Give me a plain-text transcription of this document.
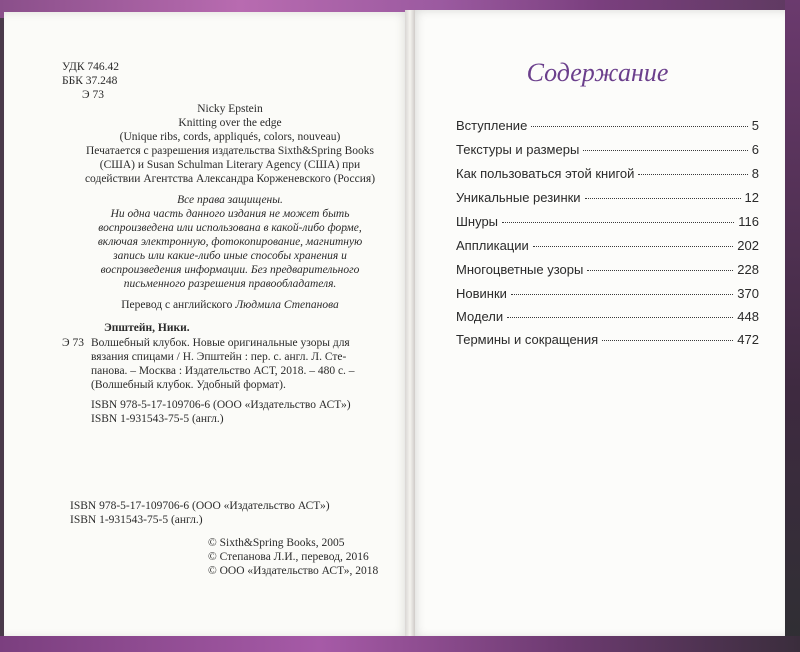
УДК 746.42
ББК 37.248
Э 73
Nicky Epstein
Knitting over the edge
(Unique ribs, cords, appliqués, colors, nouveau)
Печатается с разрешения издательства Sixth&Spring Books
(США) и Susan Schulman Literary Agency (США) при
содействии Агентства Александра Корженевского (Россия)
Все права защищены.
Ни одна часть данного издания не может быть
воспроизведена или использована в какой-либо форме,
включая электронную, фотокопирование, магнитную
запись или какие-либо иные способы хранения и
воспроизведения информации. Без предварительного
письменного разрешения правообладателя.
Перевод с английского Людмила Степанова
Эпштейн, Ники.
Э 73 Волшебный клубок. Новые оригинальные узоры для
вязания спицами / Н. Эпштейн : пер. с. англ. Л. Сте-
панова. – Москва : Издательство АСТ, 2018. – 480 с. –
(Волшебный клубок. Удобный формат).
ISBN 978-5-17-109706-6 (ООО «Издательство АСТ»)
ISBN 1-931543-75-5 (англ.)
ISBN 978-5-17-109706-6 (ООО «Издательство АСТ»)
ISBN 1-931543-75-5 (англ.)
© Sixth&Spring Books, 2005
© Степанова Л.И., перевод, 2016
© ООО «Издательство АСТ», 2018
Содержание
Вступление	5
Текстуры и размеры	6
Как пользоваться этой книгой	8
Уникальные резинки	12
Шнуры	116
Аппликации	202
Многоцветные узоры	228
Новинки	370
Модели	448
Термины и сокращения	472
